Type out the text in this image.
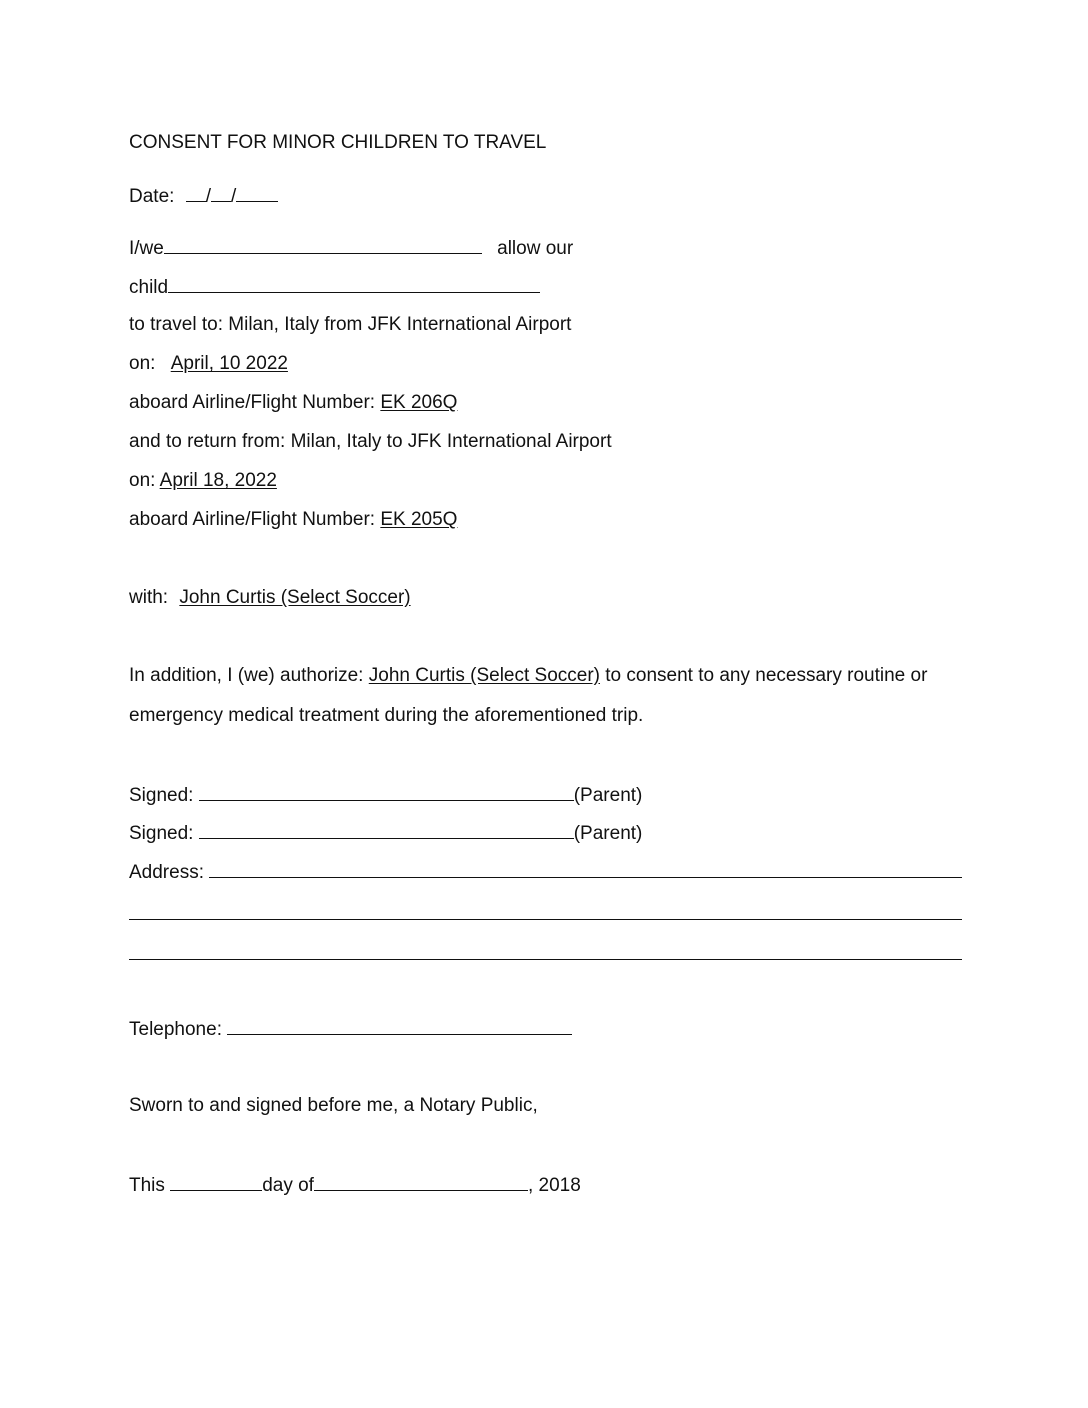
CONSENT FOR MINOR CHILDREN TO TRAVEL
Date: / /
I/we	allow our
child
to travel to: Milan, Italy from JFK International Airport
on: April, 10 2022
aboard Airline/Flight Number: EK 206Q
and to return from: Milan, Italy to JFK International Airport
on: April 18, 2022
aboard Airline/Flight Number: EK 205Q
with: John Curtis (Select Soccer)
In addition, I (we) authorize: John Curtis (Select Soccer) to consent to any necessary routine or
emergency medical treatment during the aforementioned trip.
Signed:	(Parent)
Signed:	(Parent)
Address:
Telephone:
Sworn to and signed before me, a Notary Public,
This	day of	, 2018
